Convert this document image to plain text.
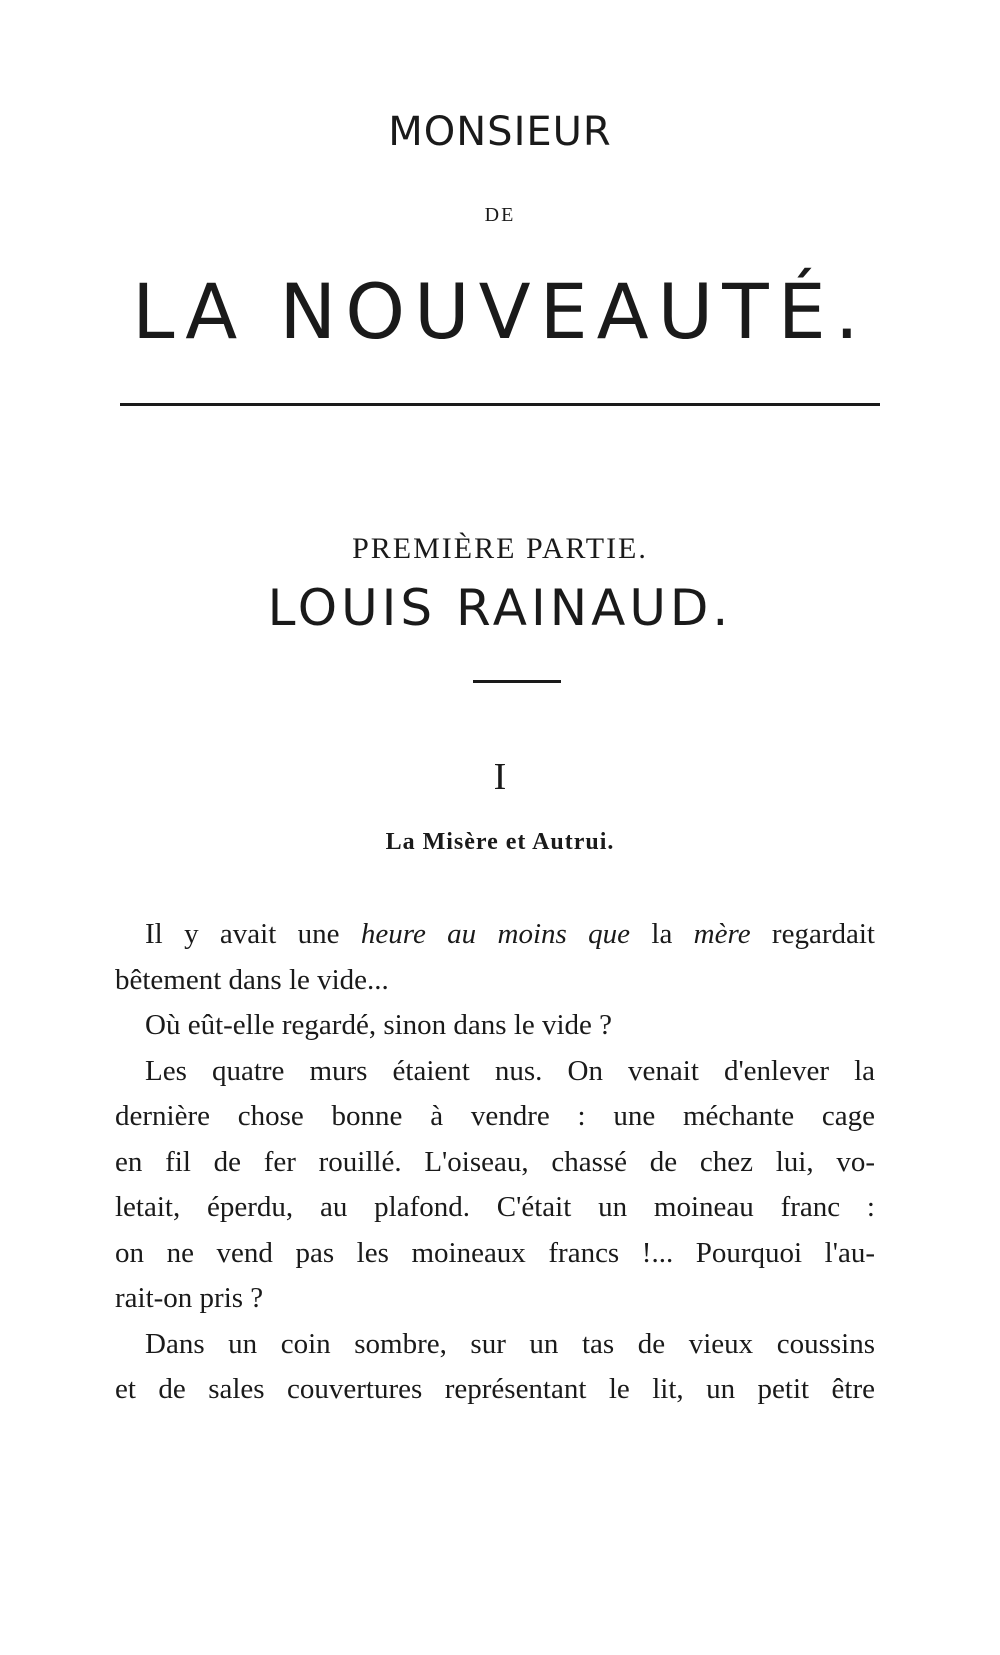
MONSIEUR
DE
LA NOUVEAUTÉ.
PREMIÈRE PARTIE.
LOUIS RAINAUD.
I
La Misère et Autrui.
Il y avait une heure au moins que la mère regardait
bêtement dans le vide...
Où eût-elle regardé, sinon dans le vide ?
Les quatre murs étaient nus. On venait d'enlever la
dernière chose bonne à vendre : une méchante cage
en fil de fer rouillé. L'oiseau, chassé de chez lui, vo-
letait, éperdu, au plafond. C'était un moineau franc :
on ne vend pas les moineaux francs !... Pourquoi l'au-
rait-on pris ?
Dans un coin sombre, sur un tas de vieux coussins
et de sales couvertures représentant le lit, un petit être
